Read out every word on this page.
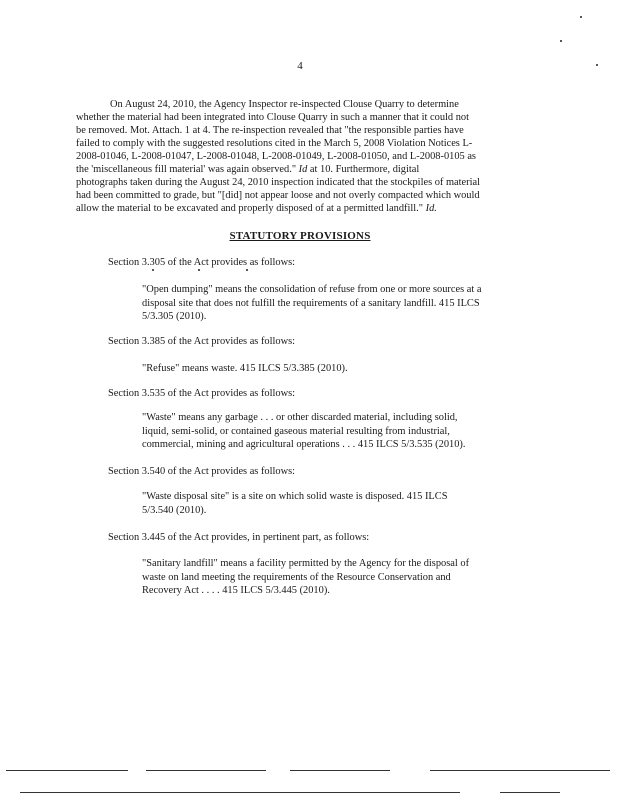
4
On August 24, 2010, the Agency Inspector re-inspected Clouse Quarry to determine
whether the material had been integrated into Clouse Quarry in such a manner that it could not
be removed. Mot. Attach. 1 at 4. The re-inspection revealed that "the responsible parties have
failed to comply with the suggested resolutions cited in the March 5, 2008 Violation Notices L-
2008-01046, L-2008-01047, L-2008-01048, L-2008-01049, L-2008-01050, and L-2008-0105 as
the 'miscellaneous fill material' was again observed." Id at 10. Furthermore, digital
photographs taken during the August 24, 2010 inspection indicated that the stockpiles of material
had been committed to grade, but "[did] not appear loose and not overly compacted which would
allow the material to be excavated and properly disposed of at a permitted landfill." Id.
STATUTORY PROVISIONS
Section 3.305 of the Act provides as follows:
"Open dumping" means the consolidation of refuse from one or more sources at a
disposal site that does not fulfill the requirements of a sanitary landfill. 415 ILCS
5/3.305 (2010).
Section 3.385 of the Act provides as follows:
"Refuse" means waste. 415 ILCS 5/3.385 (2010).
Section 3.535 of the Act provides as follows:
"Waste" means any garbage . . . or other discarded material, including solid,
liquid, semi-solid, or contained gaseous material resulting from industrial,
commercial, mining and agricultural operations . . . 415 ILCS 5/3.535 (2010).
Section 3.540 of the Act provides as follows:
"Waste disposal site" is a site on which solid waste is disposed. 415 ILCS
5/3.540 (2010).
Section 3.445 of the Act provides, in pertinent part, as follows:
"Sanitary landfill" means a facility permitted by the Agency for the disposal of
waste on land meeting the requirements of the Resource Conservation and
Recovery Act . . . . 415 ILCS 5/3.445 (2010).
